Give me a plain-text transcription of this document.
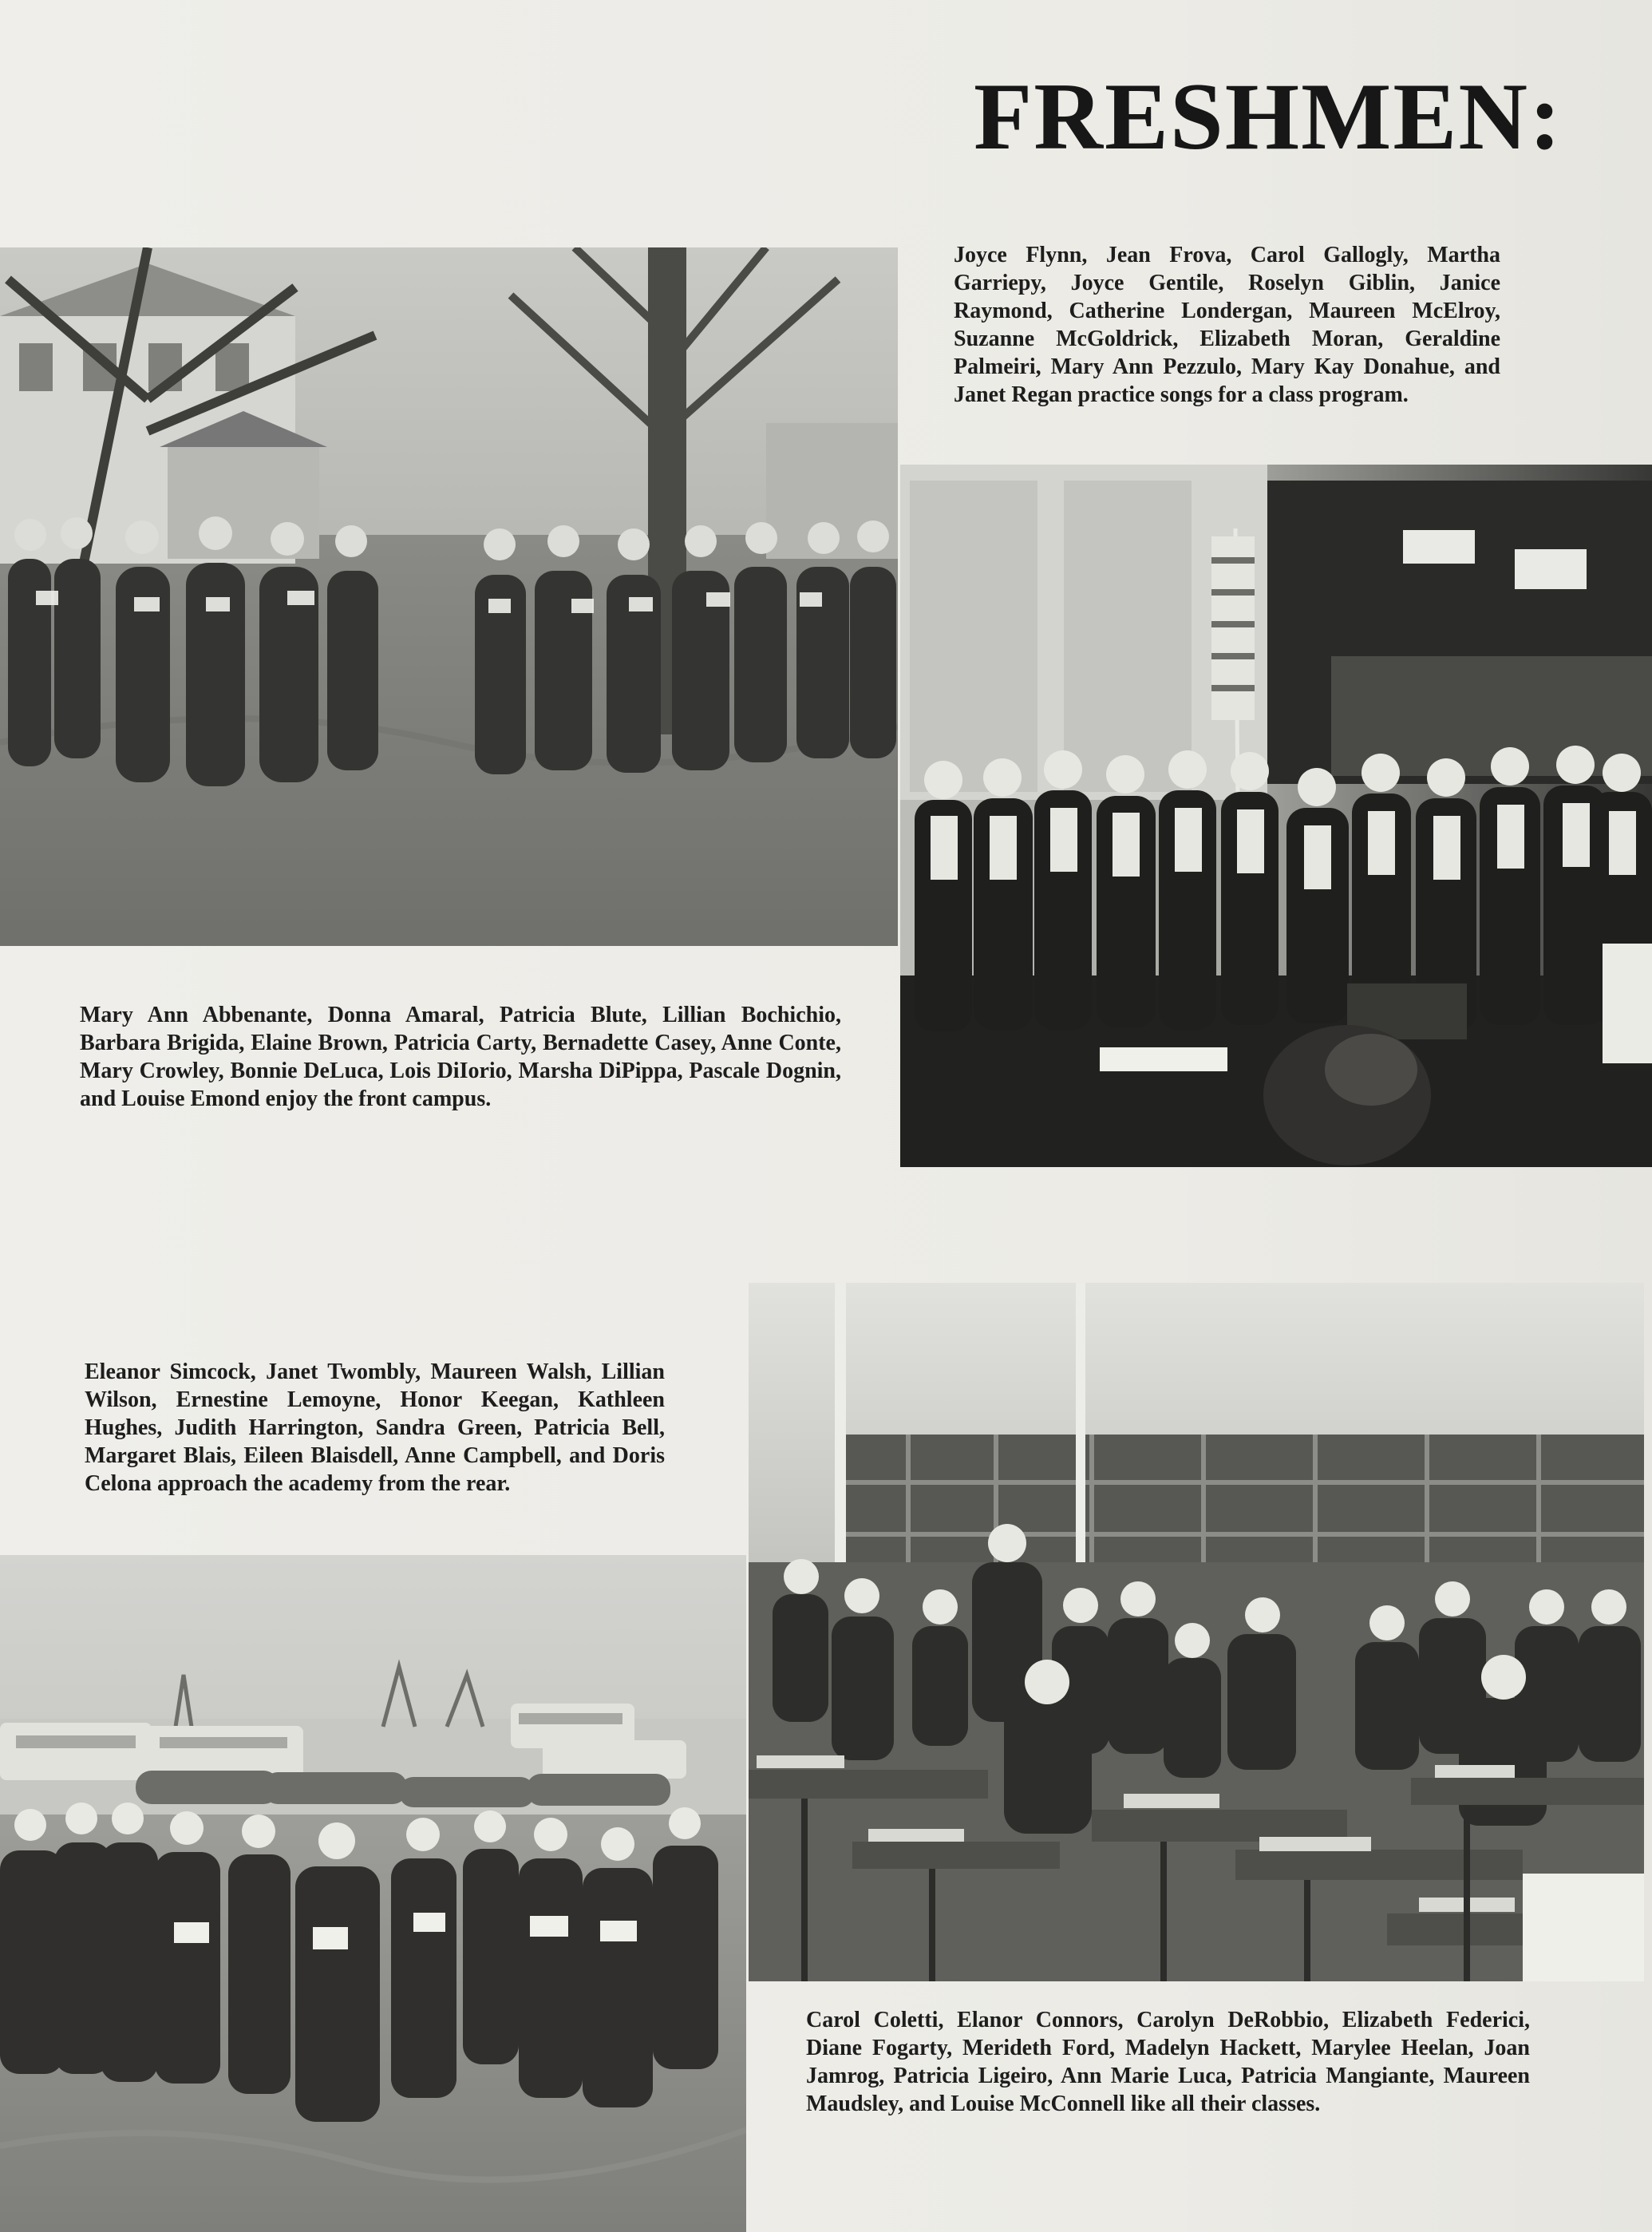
FRESHMEN:

Joyce Flynn, Jean Frova, Carol Gallogly, Martha Garriepy, Joyce Gentile, Roselyn Giblin, Janice Raymond, Catherine Londergan, Maureen McElroy, Suzanne McGoldrick, Elizabeth Moran, Geraldine Palmeiri, Mary Ann Pezzulo, Mary Kay Donahue, and Janet Regan practice songs for a class program.

Mary Ann Abbenante, Donna Amaral, Patricia Blute, Lillian Bochichio, Barbara Brigida, Elaine Brown, Patricia Carty, Bernadette Casey, Anne Conte, Mary Crowley, Bonnie DeLuca, Lois DiIorio, Marsha DiPippa, Pascale Dognin, and Louise Emond enjoy the front campus.

Eleanor Simcock, Janet Twombly, Maureen Walsh, Lillian Wilson, Ernestine Lemoyne, Honor Keegan, Kathleen Hughes, Judith Harrington, Sandra Green, Patricia Bell, Margaret Blais, Eileen Blaisdell, Anne Campbell, and Doris Celona approach the academy from the rear.

Carol Coletti, Elanor Connors, Carolyn DeRobbio, Elizabeth Federici, Diane Fogarty, Merideth Ford, Madelyn Hackett, Marylee Heelan, Joan Jamrog, Patricia Ligeiro, Ann Marie Luca, Patricia Mangiante, Maureen Maudsley, and Louise McConnell like all their classes.
